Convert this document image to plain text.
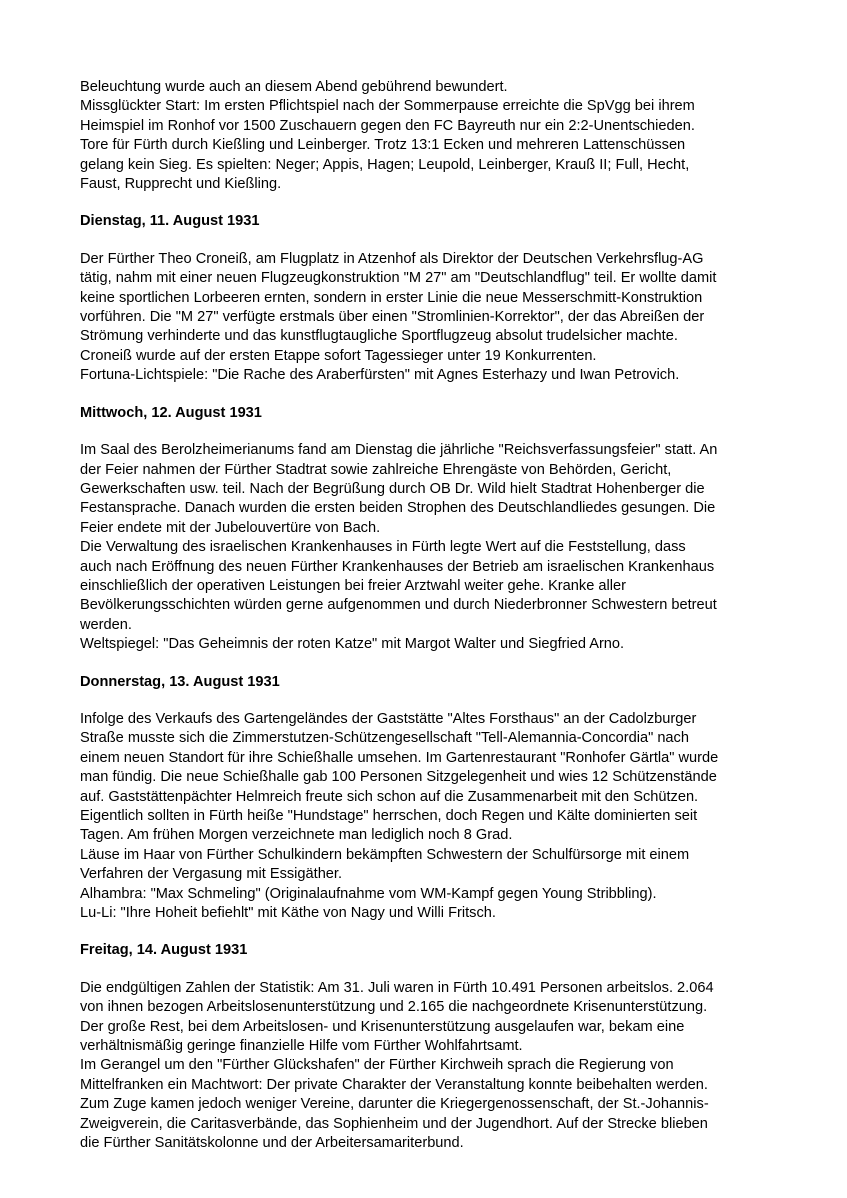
Beleuchtung wurde auch an diesem Abend gebührend bewundert.
Missglückter Start: Im ersten Pflichtspiel nach der Sommerpause erreichte die SpVgg bei ihrem
Heimspiel im Ronhof vor 1500 Zuschauern gegen den FC Bayreuth nur ein 2:2-Unentschieden.
Tore für Fürth durch Kießling und Leinberger. Trotz 13:1 Ecken und mehreren Lattenschüssen
gelang kein Sieg. Es spielten: Neger; Appis, Hagen; Leupold, Leinberger, Krauß II; Full, Hecht,
Faust, Rupprecht und Kießling.
Dienstag, 11. August 1931
Der Fürther Theo Croneiß, am Flugplatz in Atzenhof als Direktor der Deutschen Verkehrsflug-AG
tätig, nahm mit einer neuen Flugzeugkonstruktion "M 27" am "Deutschlandflug" teil. Er wollte damit
keine sportlichen Lorbeeren ernten, sondern in erster Linie die neue Messerschmitt-Konstruktion
vorführen. Die "M 27" verfügte erstmals über einen "Stromlinien-Korrektor", der das Abreißen der
Strömung verhinderte und das kunstflugtaugliche Sportflugzeug absolut trudelsicher machte.
Croneiß wurde auf der ersten Etappe sofort Tagessieger unter 19 Konkurrenten.
Fortuna-Lichtspiele: "Die Rache des Araberfürsten" mit Agnes Esterhazy und Iwan Petrovich.
Mittwoch, 12. August 1931
Im Saal des Berolzheimerianums fand am Dienstag die jährliche "Reichsverfassungsfeier" statt. An
der Feier nahmen der Fürther Stadtrat sowie zahlreiche Ehrengäste von Behörden, Gericht,
Gewerkschaften usw. teil. Nach der Begrüßung durch OB Dr. Wild hielt Stadtrat Hohenberger die
Festansprache. Danach wurden die ersten beiden Strophen des Deutschlandliedes gesungen. Die
Feier endete mit der Jubelouvertüre von Bach.
Die Verwaltung des israelischen Krankenhauses in Fürth legte Wert auf die Feststellung, dass
auch nach Eröffnung des neuen Fürther Krankenhauses der Betrieb am israelischen Krankenhaus
einschließlich der operativen Leistungen bei freier Arztwahl weiter gehe. Kranke aller
Bevölkerungsschichten würden gerne aufgenommen und durch Niederbronner Schwestern betreut
werden.
Weltspiegel: "Das Geheimnis der roten Katze" mit Margot Walter und Siegfried Arno.
Donnerstag, 13. August 1931
Infolge des Verkaufs des Gartengeländes der Gaststätte "Altes Forsthaus" an der Cadolzburger
Straße musste sich die Zimmerstutzen-Schützengesellschaft "Tell-Alemannia-Concordia" nach
einem neuen Standort für ihre Schießhalle umsehen. Im Gartenrestaurant "Ronhofer Gärtla" wurde
man fündig. Die neue Schießhalle gab 100 Personen Sitzgelegenheit und wies 12 Schützenstände
auf. Gaststättenpächter Helmreich freute sich schon auf die Zusammenarbeit mit den Schützen.
Eigentlich sollten in Fürth heiße "Hundstage" herrschen, doch Regen und Kälte dominierten seit
Tagen. Am frühen Morgen verzeichnete man lediglich noch 8 Grad.
Läuse im Haar von Fürther Schulkindern bekämpften Schwestern der Schulfürsorge mit einem
Verfahren der Vergasung mit Essigäther.
Alhambra: "Max Schmeling" (Originalaufnahme vom WM-Kampf gegen Young Stribbling).
Lu-Li: "Ihre Hoheit befiehlt" mit Käthe von Nagy und Willi Fritsch.
Freitag, 14. August 1931
Die endgültigen Zahlen der Statistik: Am 31. Juli waren in Fürth 10.491 Personen arbeitslos. 2.064
von ihnen bezogen Arbeitslosenunterstützung und 2.165 die nachgeordnete Krisenunterstützung.
Der große Rest, bei dem Arbeitslosen- und Krisenunterstützung ausgelaufen war, bekam eine
verhältnismäßig geringe finanzielle Hilfe vom Fürther Wohlfahrtsamt.
Im Gerangel um den "Fürther Glückshafen" der Fürther Kirchweih sprach die Regierung von
Mittelfranken ein Machtwort: Der private Charakter der Veranstaltung konnte beibehalten werden.
Zum Zuge kamen jedoch weniger Vereine, darunter die Kriegergenossenschaft, der St.-Johannis-
Zweigverein, die Caritasverbände, das Sophienheim und der Jugendhort. Auf der Strecke blieben
die Fürther Sanitätskolonne und der Arbeitersamariterbund.
